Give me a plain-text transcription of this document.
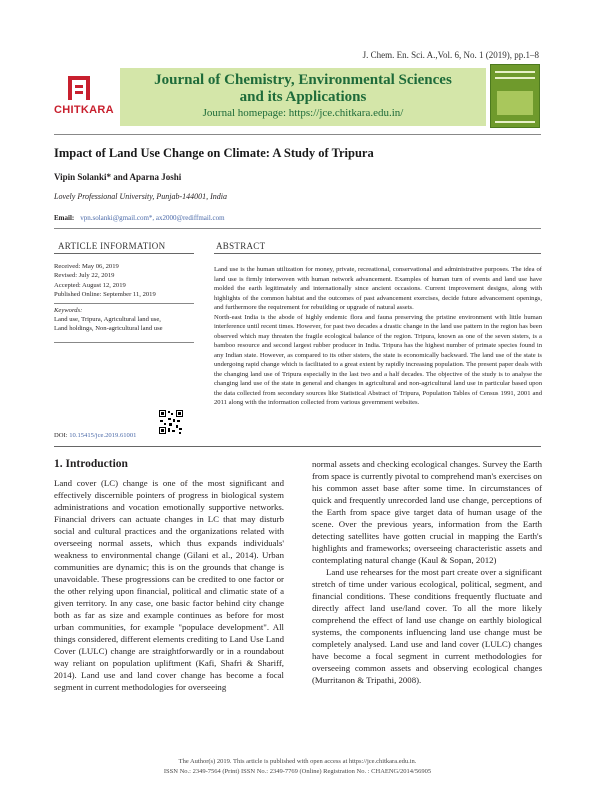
J. Chem. En. Sci. A.,Vol. 6, No. 1 (2019), pp.1–8
CHITKARA
Journal of Chemistry, Environmental Sciences
and its Applications
Journal homepage: https://jce.chitkara.edu.in/
Impact of Land Use Change on Climate: A Study of Tripura
Vipin Solanki* and Aparna Joshi
Lovely Professional University, Punjab-144001, India
Email: vpn.solanki@gmail.com*, ax2000@rediffmail.com
ARTICLE INFORMATION	ABSTRACT
Received: May 06, 2019
Revised: July 22, 2019
Accepted: August 12, 2019
Published Online: September 11, 2019
Keywords:
Land use, Tripura, Agricultural land use,
Land holdings, Non-agricultural land use
DOI: 10.15415/jce.2019.61001

Land use is the human utilization for money, private, recreational, conservational and administrative purposes. The idea of land use is firmly interwoven with human network advancement. Examples of human turn of events and land use have molded the earth legitimately and internationally since ancient occasions. Current improvement designs, along with highlights of the common habitat and the outcomes of past advancement exercises, decide future advancement openings, and furthermore the requirement for rebuilding or upgrade of natural assets.

North-east India is the abode of highly endemic flora and fauna preserving the pristine environment with little human interference until recent times. However, for past two decades a drastic change in the land use pattern in the region has been observed which may threaten the fragile ecological balance of the region. Tripura, known as one of the seven sisters, is a bamboo resource and second largest rubber producer in India. Tripura has the highest number of primate species found in any Indian state. However, as compared to its other sisters, the state is economically backward. The land use of the state is undergoing rapid change which is facilitated to a great extent by rapidly increasing population. The present paper deals with the changing land use of Tripura especially in the last two and a half decades. The objective of the study is to analyse the changing land use of the state in general and changes in agricultural and non-agricultural land use in particular based upon the data collected from secondary sources like Statistical Abstract of Tripura, Population Tables of Census 1991, 2001 and 2011 along with the information collected from various government websites.

1. Introduction

Land cover (LC) change is one of the most significant and effectively discernible pointers of progress in biological system administrations and vocation emotionally supportive networks. Financial drivers can actuate changes in LC that may disturb social and cultural practices and the organizations related with overseeing normal assets, which thus expands individuals' weakness to environmental change (Gilani et al., 2014). Urban communities are dynamic; this is on the grounds that change is unavoidable. These progressions can be credited to one factor or the other relying upon financial, political and climatic state of a given territory. In any case, one basic factor behind city change both as far as size and example continues as before for most urban communities, for example "populace development". All things considered, different elements crediting to Land Use Land Cover (LULC) change are straightforwardly or in a roundabout way reliant on population upliftment (Kafi, Shafri & Shariff, 2014). Land use and land cover change has become a focal segment in current methodologies for overseeing

normal assets and checking ecological changes. Survey the Earth from space is currently pivotal to comprehend man's exercises on his common asset base after some time. In circumstances of quick and frequently unrecorded land use change, perceptions of the Earth from space give target data of human usage of the scene. Over the previous years, information from the Earth detecting satellites have gotten crucial in mapping the Earth's highlights and frameworks; overseeing characteristic assets and contemplating natural change (Kaul & Sopan, 2012)

Land use rehearses for the most part create over a significant stretch of time under various ecological, political, segment, and financial conditions. These conditions frequently fluctuate and directly affect land use/land cover. To all the more likely comprehend the effect of land use change on earthly biological systems, the components influencing land use change must be completely analysed. Land use and land cover (LULC) changes have become a focal segment in current methodologies for overseeing common assets and observing ecological changes (Murritanon & Tripathi, 2008).

The Author(s) 2019. This article is published with open access at https://jce.chitkara.edu.in.
ISSN No.: 2349-7564 (Print) ISSN No.: 2349-7769 (Online) Registration No. : CHAENG/2014/56905
